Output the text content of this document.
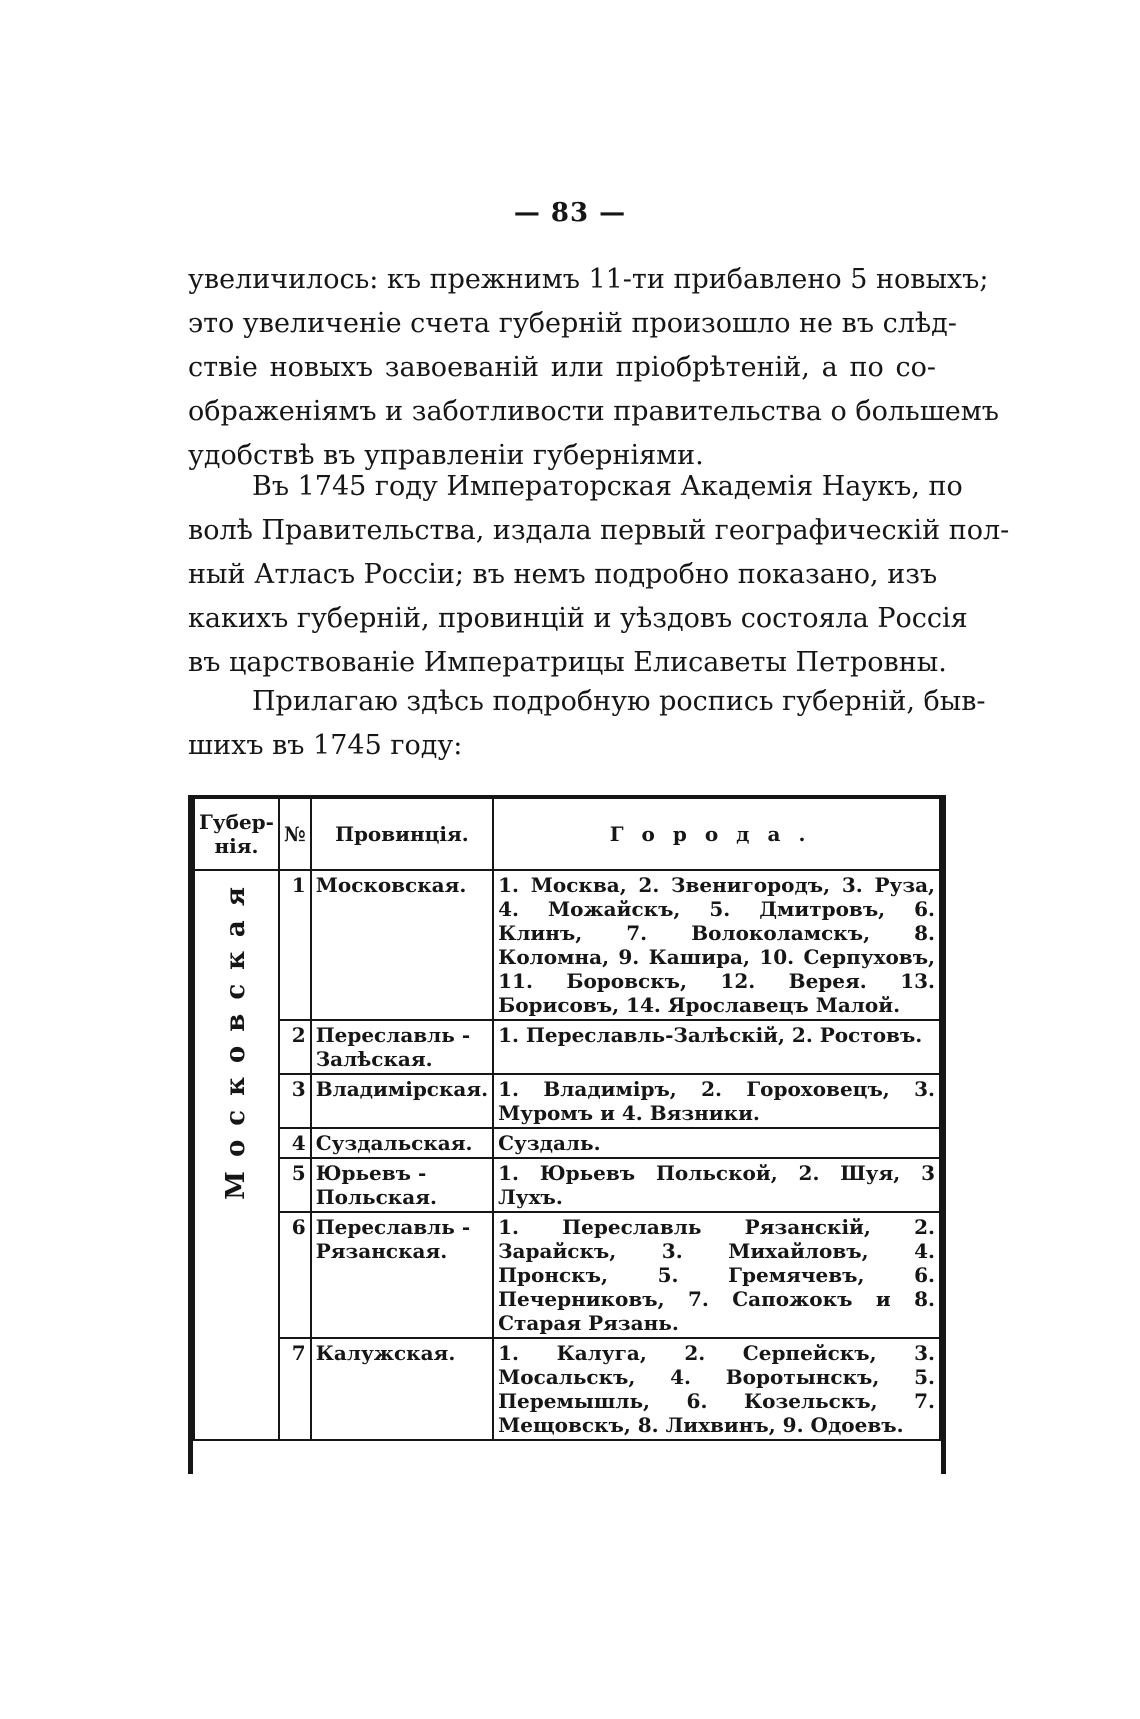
— 83 —

увеличилось: къ прежнимъ 11-ти прибавлено 5 новыхъ;
это увеличеніе счета губерній произошло не въ слѣд-
ствіе новыхъ завоеваній или пріобрѣтеній, а по со-
ображеніямъ и заботливости правительства о большемъ
удобствѣ въ управленіи губерніями.

Въ 1745 году Императорская Академія Наукъ, по
волѣ Правительства, издала первый географическій пол-
ный Атласъ Россіи; въ немъ подробно показано, изъ
какихъ губерній, провинцій и уѣздовъ состояла Россія
въ царствованіе Императрицы Елисаветы Петровны.

Прилагаю здѣсь подробную роспись губерній, быв-
шихъ въ 1745 году:

Губер-нія.	№	Провинція.	Города.
Московская	1	Московская.	1. Москва, 2. Звенигородъ, 3. Руза, 4. Можайскъ, 5. Дмитровъ, 6. Клинъ, 7. Волоколамскъ, 8. Коломна, 9. Кашира, 10. Серпуховъ, 11. Боровскъ, 12. Верея. 13. Борисовъ, 14. Ярославецъ Малой.
	2	Переславль - Залѣская.	1. Переславль-Залѣскій, 2. Ростовъ.
	3	Владимірская.	1. Владиміръ, 2. Гороховецъ, 3. Муромъ и 4. Вязники.
	4	Суздальская.	Суздаль.
	5	Юрьевъ - Польская.	1. Юрьевъ Польской, 2. Шуя, 3 Лухъ.
	6	Переславль - Рязанская.	1. Переславль Рязанскій, 2. Зарайскъ, 3. Михайловъ, 4. Пронскъ, 5. Гремячевъ, 6. Печерниковъ, 7. Сапожокъ и 8. Старая Рязань.
	7	Калужская.	1. Калуга, 2. Серпейскъ, 3. Мосальскъ, 4. Воротынскъ, 5. Перемышль, 6. Козельскъ, 7. Мещовскъ, 8. Лихвинъ, 9. Одоевъ.
